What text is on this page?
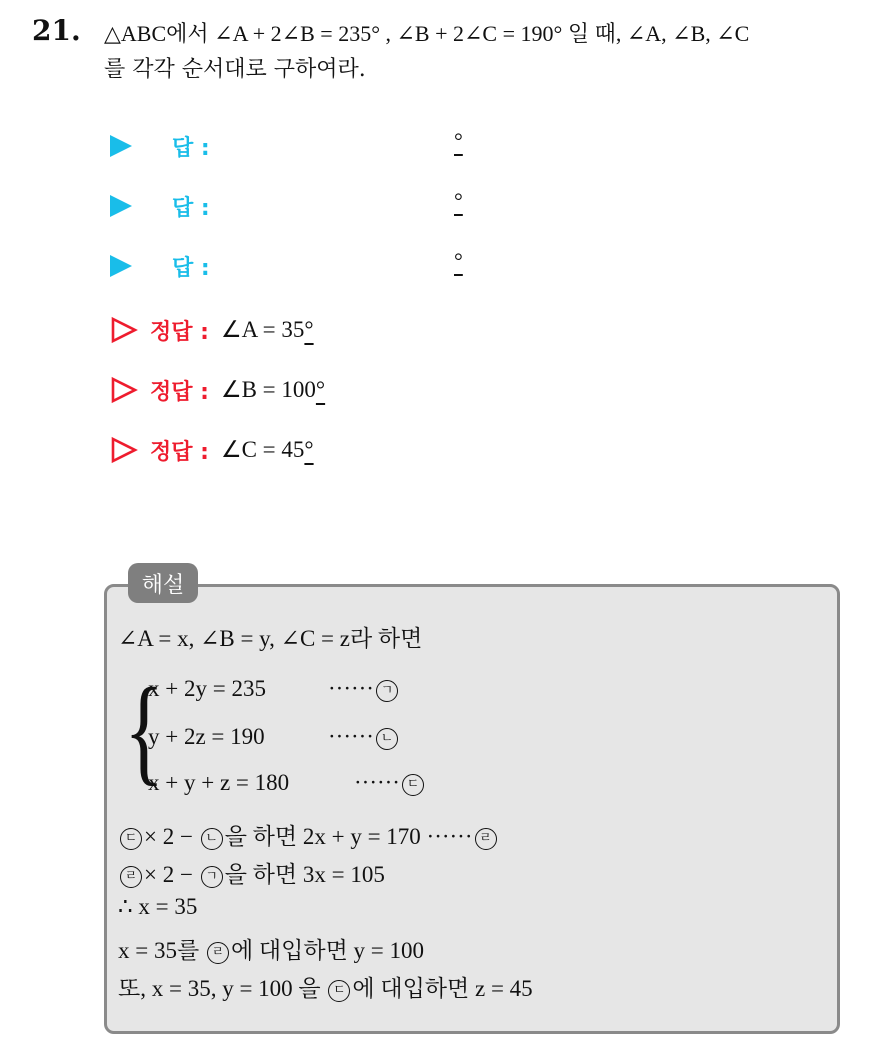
21. △ABC에서 ∠A + 2∠B = 235° , ∠B + 2∠C = 190° 일 때, ∠A, ∠B, ∠C
를 각각 순서대로 구하여라.
답 :	°
답 :	°
답 :	°
정답 : ∠A = 35°
정답 : ∠B = 100°
정답 : ∠C = 45°
해설
∠A = x, ∠B = y, ∠C = z라 하면
{
x + 2y = 235	······ ㄱ
y + 2z = 190	······ ㄴ
x + y + z = 180	······ ㄷ
ㄷ × 2 − ㄴ 을 하면 2x + y = 170 ······ ㄹ
ㄹ × 2 − ㄱ 을 하면 3x = 105
∴ x = 35
x = 35를 ㄹ 에 대입하면 y = 100
또, x = 35, y = 100 을 ㄷ 에 대입하면 z = 45
